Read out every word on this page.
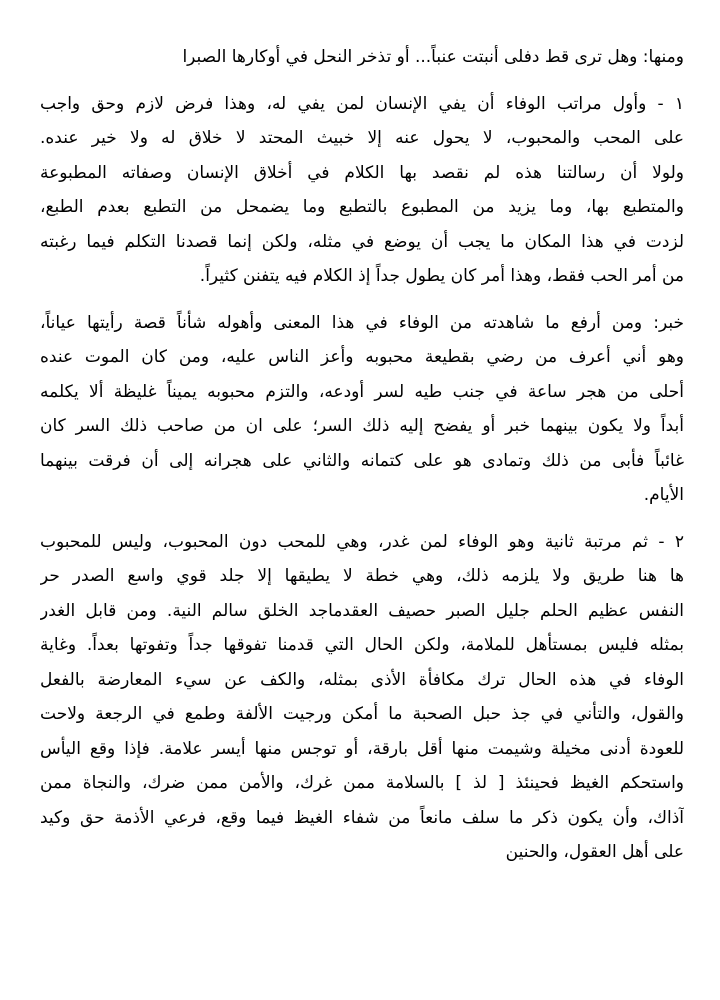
ومنها: وهل ترى قط دفلى أنبتت عنباً... أو تذخر النحل في أوكارها الصبرا
١ - وأول مراتب الوفاء أن يفي الإنسان لمن يفي له، وهذا فرض لازم وحق واجب
على المحب والمحبوب، لا يحول عنه إلا خبيث المحتد لا خلاق له ولا خير عنده.
ولولا أن رسالتنا هذه لم نقصد بها الكلام في أخلاق الإنسان وصفاته المطبوعة
والمتطبع بها، وما يزيد من المطبوع بالتطبع وما يضمحل من التطبع بعدم الطبع،
لزدت في هذا المكان ما يجب أن يوضع في مثله، ولكن إنما قصدنا التكلم فيما رغبته
من أمر الحب فقط، وهذا أمر كان يطول جداً إذ الكلام فيه يتفنن كثيراً.
خبر: ومن أرفع ما شاهدته من الوفاء في هذا المعنى وأهوله شأناً قصة رأيتها عياناً،
وهو أني أعرف من رضي بقطيعة محبوبه وأعز الناس عليه، ومن كان الموت عنده
أحلى من هجر ساعة في جنب طيه لسر أودعه، والتزم محبوبه يميناً غليظة ألا يكلمه
أبداً ولا يكون بينهما خبر أو يفضح إليه ذلك السر؛ على ان من صاحب ذلك السر كان
غائباً فأبى من ذلك وتمادى هو على كتمانه والثاني على هجرانه إلى أن فرقت بينهما
الأيام.
٢ - ثم مرتبة ثانية وهو الوفاء لمن غدر، وهي للمحب دون المحبوب، وليس للمحبوب
ها هنا طريق ولا يلزمه ذلك، وهي خطة لا يطيقها إلا جلد قوي واسع الصدر حر
النفس عظيم الحلم جليل الصبر حصيف العقدماجد الخلق سالم النية. ومن قابل الغدر
بمثله فليس بمستأهل للملامة، ولكن الحال التي قدمنا تفوقها جداً وتفوتها بعداً. وغاية
الوفاء في هذه الحال ترك مكافأة الأذى بمثله، والكف عن سيء المعارضة بالفعل
والقول، والتأني في جذ حبل الصحبة ما أمكن ورجيت الألفة وطمع في الرجعة ولاحت
للعودة أدنى مخيلة وشيمت منها أقل بارقة، أو توجس منها أيسر علامة. فإذا وقع اليأس
واستحكم الغيظ فحينئذ [ لذ ] بالسلامة ممن غرك، والأمن ممن ضرك، والنجاة ممن
آذاك، وأن يكون ذكر ما سلف مانعاً من شفاء الغيظ فيما وقع، فرعي الأذمة حق وكيد
على أهل العقول، والحنين
